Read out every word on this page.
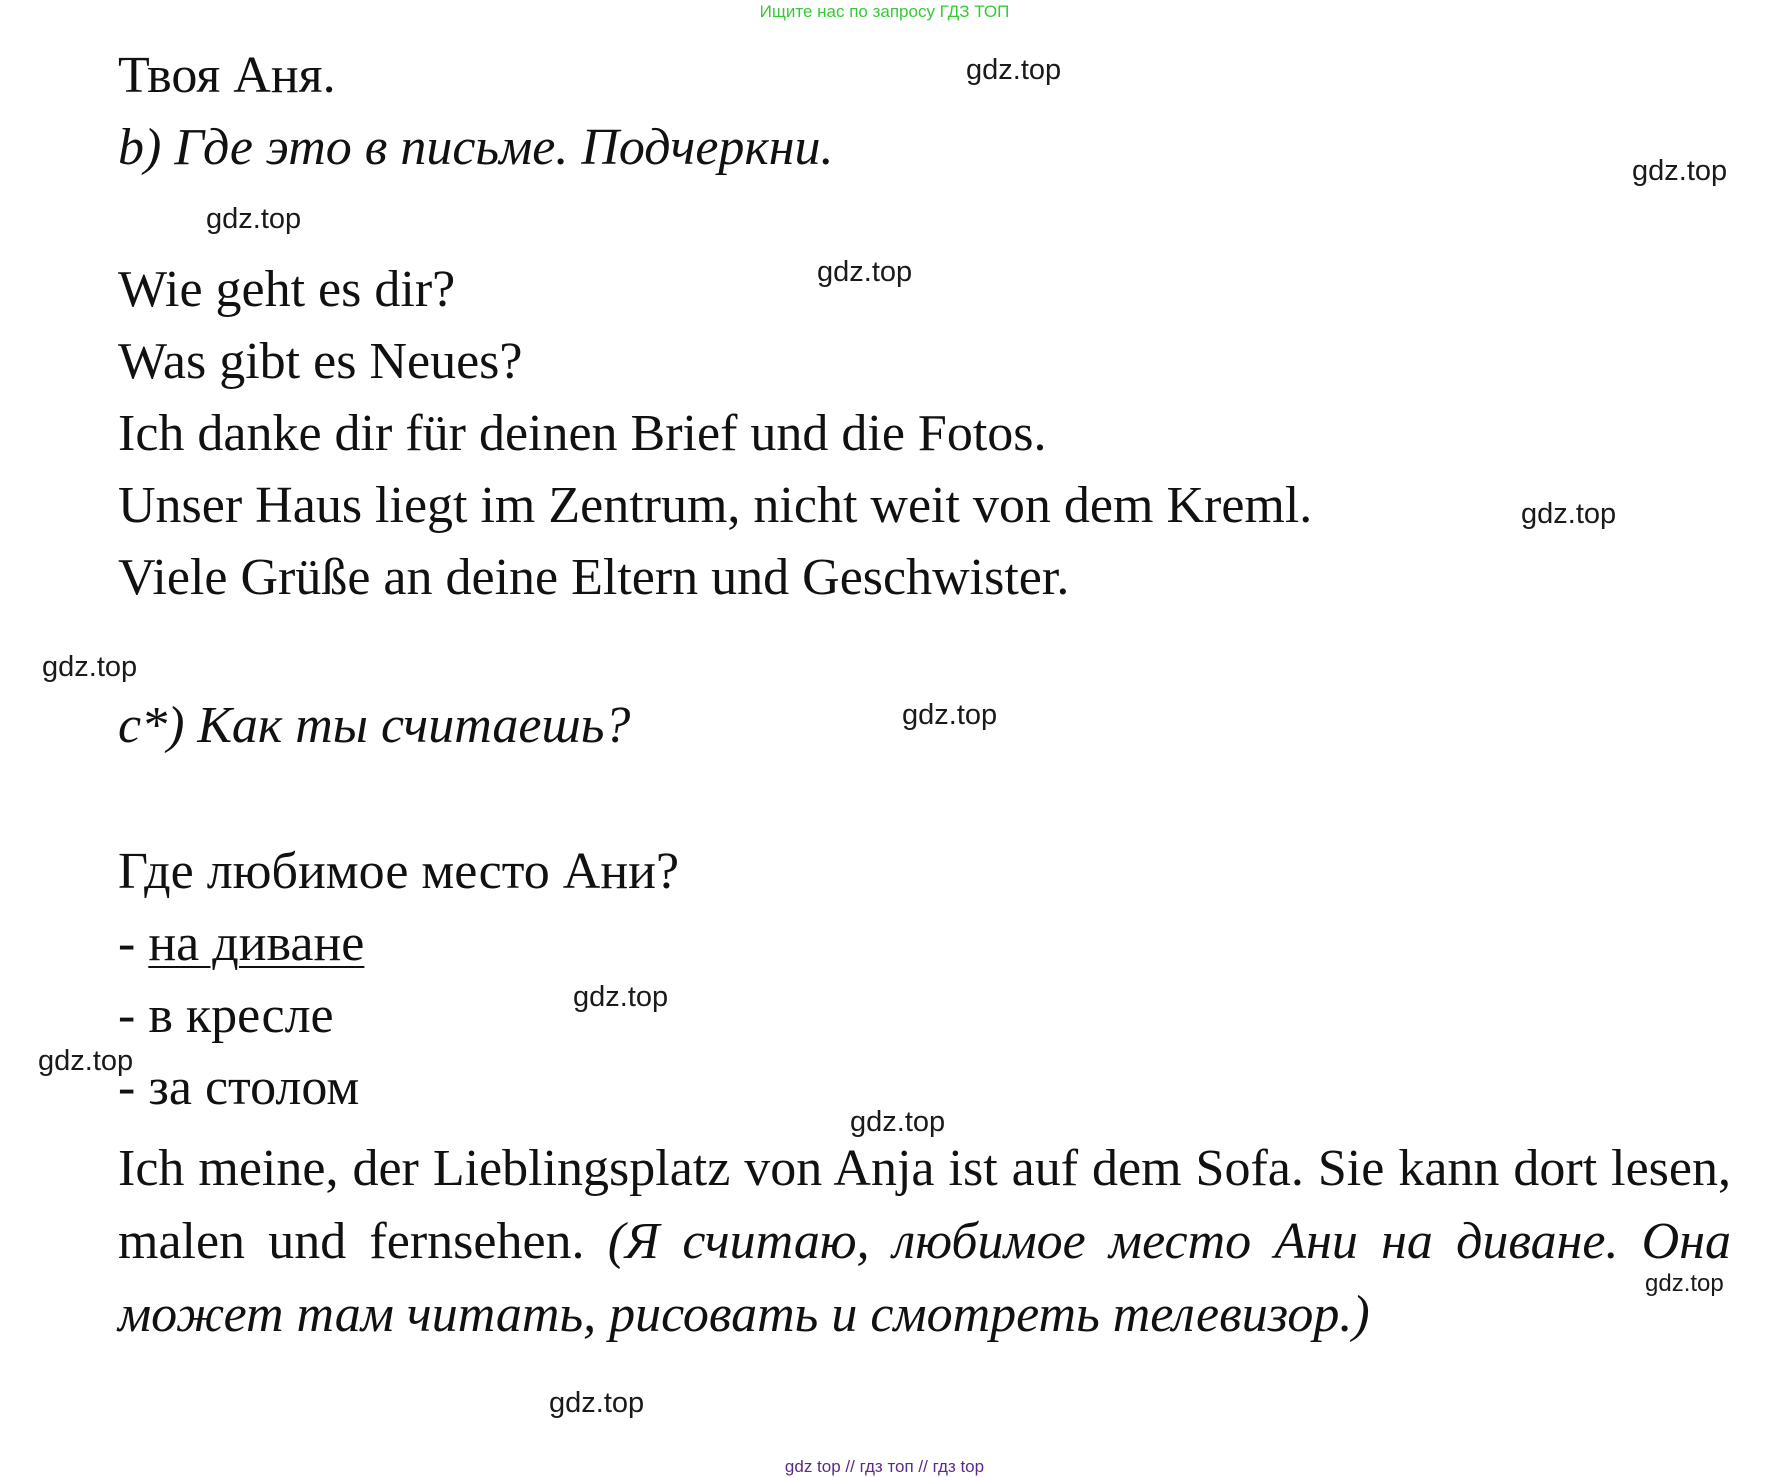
Ищите нас по запросу ГДЗ ТОП
Твоя Аня.
b) Где это в письме. Подчеркни.
Wie geht es dir?
Was gibt es Neues?
Ich danke dir für deinen Brief und die Fotos.
Unser Haus liegt im Zentrum, nicht weit von dem Kreml.
Viele Grüße an deine Eltern und Geschwister.
c*) Как ты считаешь?
Где любимое место Ани?
- на диване
- в кресле
- за столом
Ich meine, der Lieblingsplatz von Anja ist auf dem Sofa. Sie kann dort lesen, malen und fernsehen. (Я считаю, любимое место Ани на диване. Она может там читать, рисовать и смотреть телевизор.)
gdz.top
gdz.top
gdz.top
gdz.top
gdz.top
gdz.top
gdz.top
gdz.top
gdz.top
gdz.top
gdz.top
gdz.top
gdz top // гдз топ // гдз top
